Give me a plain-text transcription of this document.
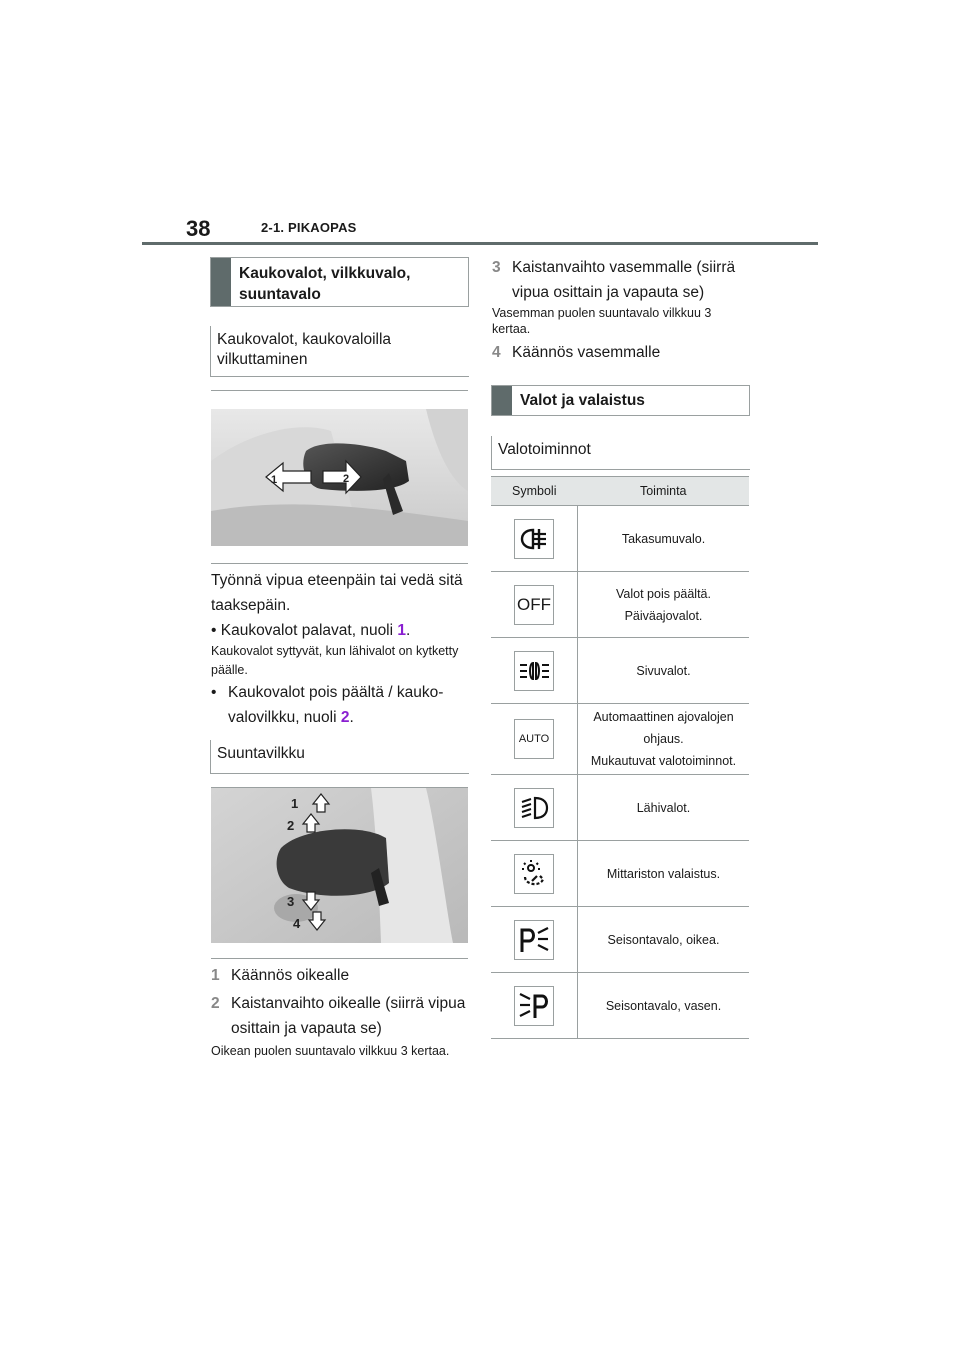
38	2-1. PIKAOPAS
Kaukovalot, vilkkuvalo, suuntavalo
Kaukovalot, kaukovaloilla vilkuttaminen
1	2
Työnnä vipua eteenpäin tai vedä sitä taaksepäin.
• Kaukovalot palavat, nuoli 1.
Kaukovalot syttyvät, kun lähivalot on kytketty päälle.
• Kaukovalot pois päältä / kauko-valovilkku, nuoli 2.
Suuntavilkku
1
2
3
4
1 Käännös oikealle
2 Kaistanvaihto oikealle (siirrä vipua osittain ja vapauta se)
Oikean puolen suuntavalo vilkkuu 3 kertaa.
3 Kaistanvaihto vasemmalle (siirrä vipua osittain ja vapauta se)
Vasemman puolen suuntavalo vilkkuu 3 kertaa.
4 Käännös vasemmalle
Valot ja valaistus
Valotoiminnot
Symboli	Toiminta

Takasumuvalo.

OFF	Valot pois päältä.
Päiväajovalot.

Sivuvalot.

AUTO	Automaattinen ajovalojen ohjaus.
Mukautuvat valotoiminnot.

Lähivalot.

Mittariston valaistus.

Seisontavalo, oikea.

Seisontavalo, vasen.
